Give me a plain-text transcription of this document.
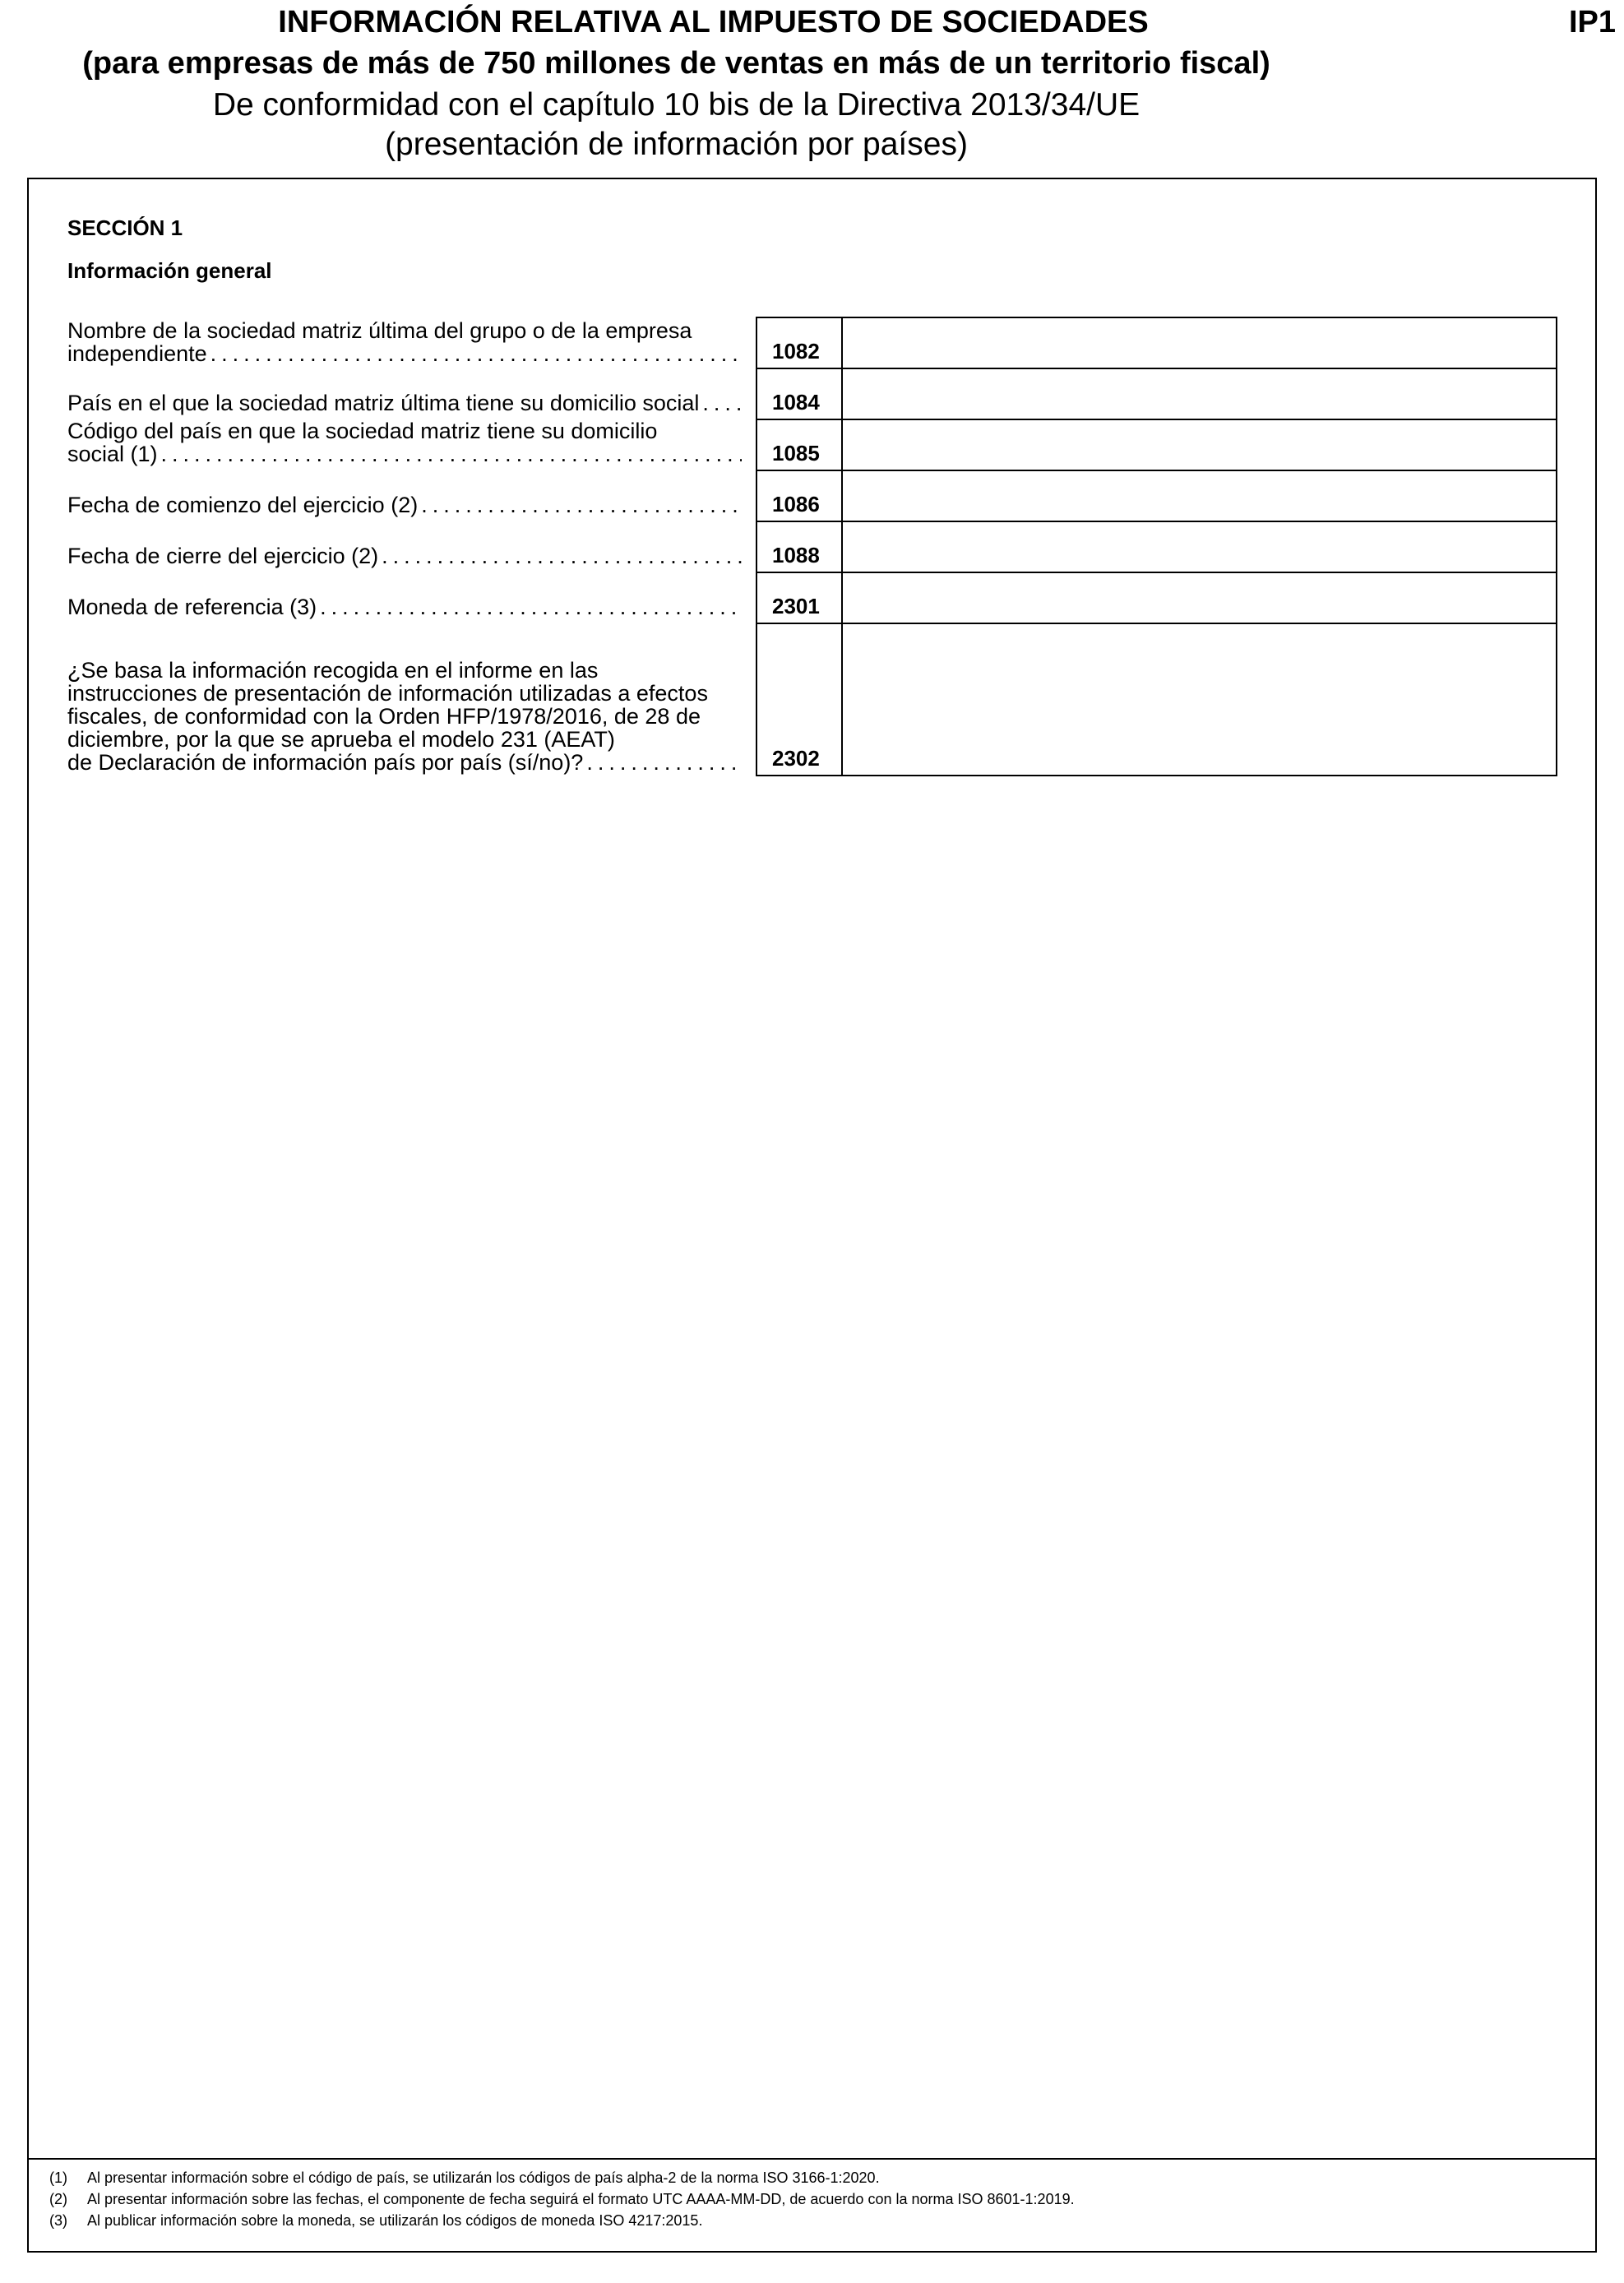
INFORMACIÓN RELATIVA AL IMPUESTO DE SOCIEDADES
(para empresas de más de 750 millones de ventas en más de un territorio fiscal)
De conformidad con el capítulo 10 bis de la Directiva 2013/34/UE
(presentación de información por países)
IP1
SECCIÓN 1
Información general
Nombre de la sociedad matriz última del grupo o de la empresa
independiente .....	1082
País en el que la sociedad matriz última tiene su domicilio social .....	1084
Código del país en que la sociedad matriz tiene su domicilio
social (1) .....	1085
Fecha de comienzo del ejercicio (2) .....	1086
Fecha de cierre del ejercicio (2) .....	1088
Moneda de referencia (3) .....	2301
¿Se basa la información recogida en el informe en las
instrucciones de presentación de información utilizadas a efectos
fiscales, de conformidad con la Orden HFP/1978/2016, de 28 de
diciembre, por la que se aprueba el modelo 231 (AEAT)
de Declaración de información país por país (sí/no)? .....	2302
(1) Al presentar información sobre el código de país, se utilizarán los códigos de país alpha-2 de la norma ISO 3166-1:2020.
(2) Al presentar información sobre las fechas, el componente de fecha seguirá el formato UTC AAAA-MM-DD, de acuerdo con la norma ISO 8601-1:2019.
(3) Al publicar información sobre la moneda, se utilizarán los códigos de moneda ISO 4217:2015.
